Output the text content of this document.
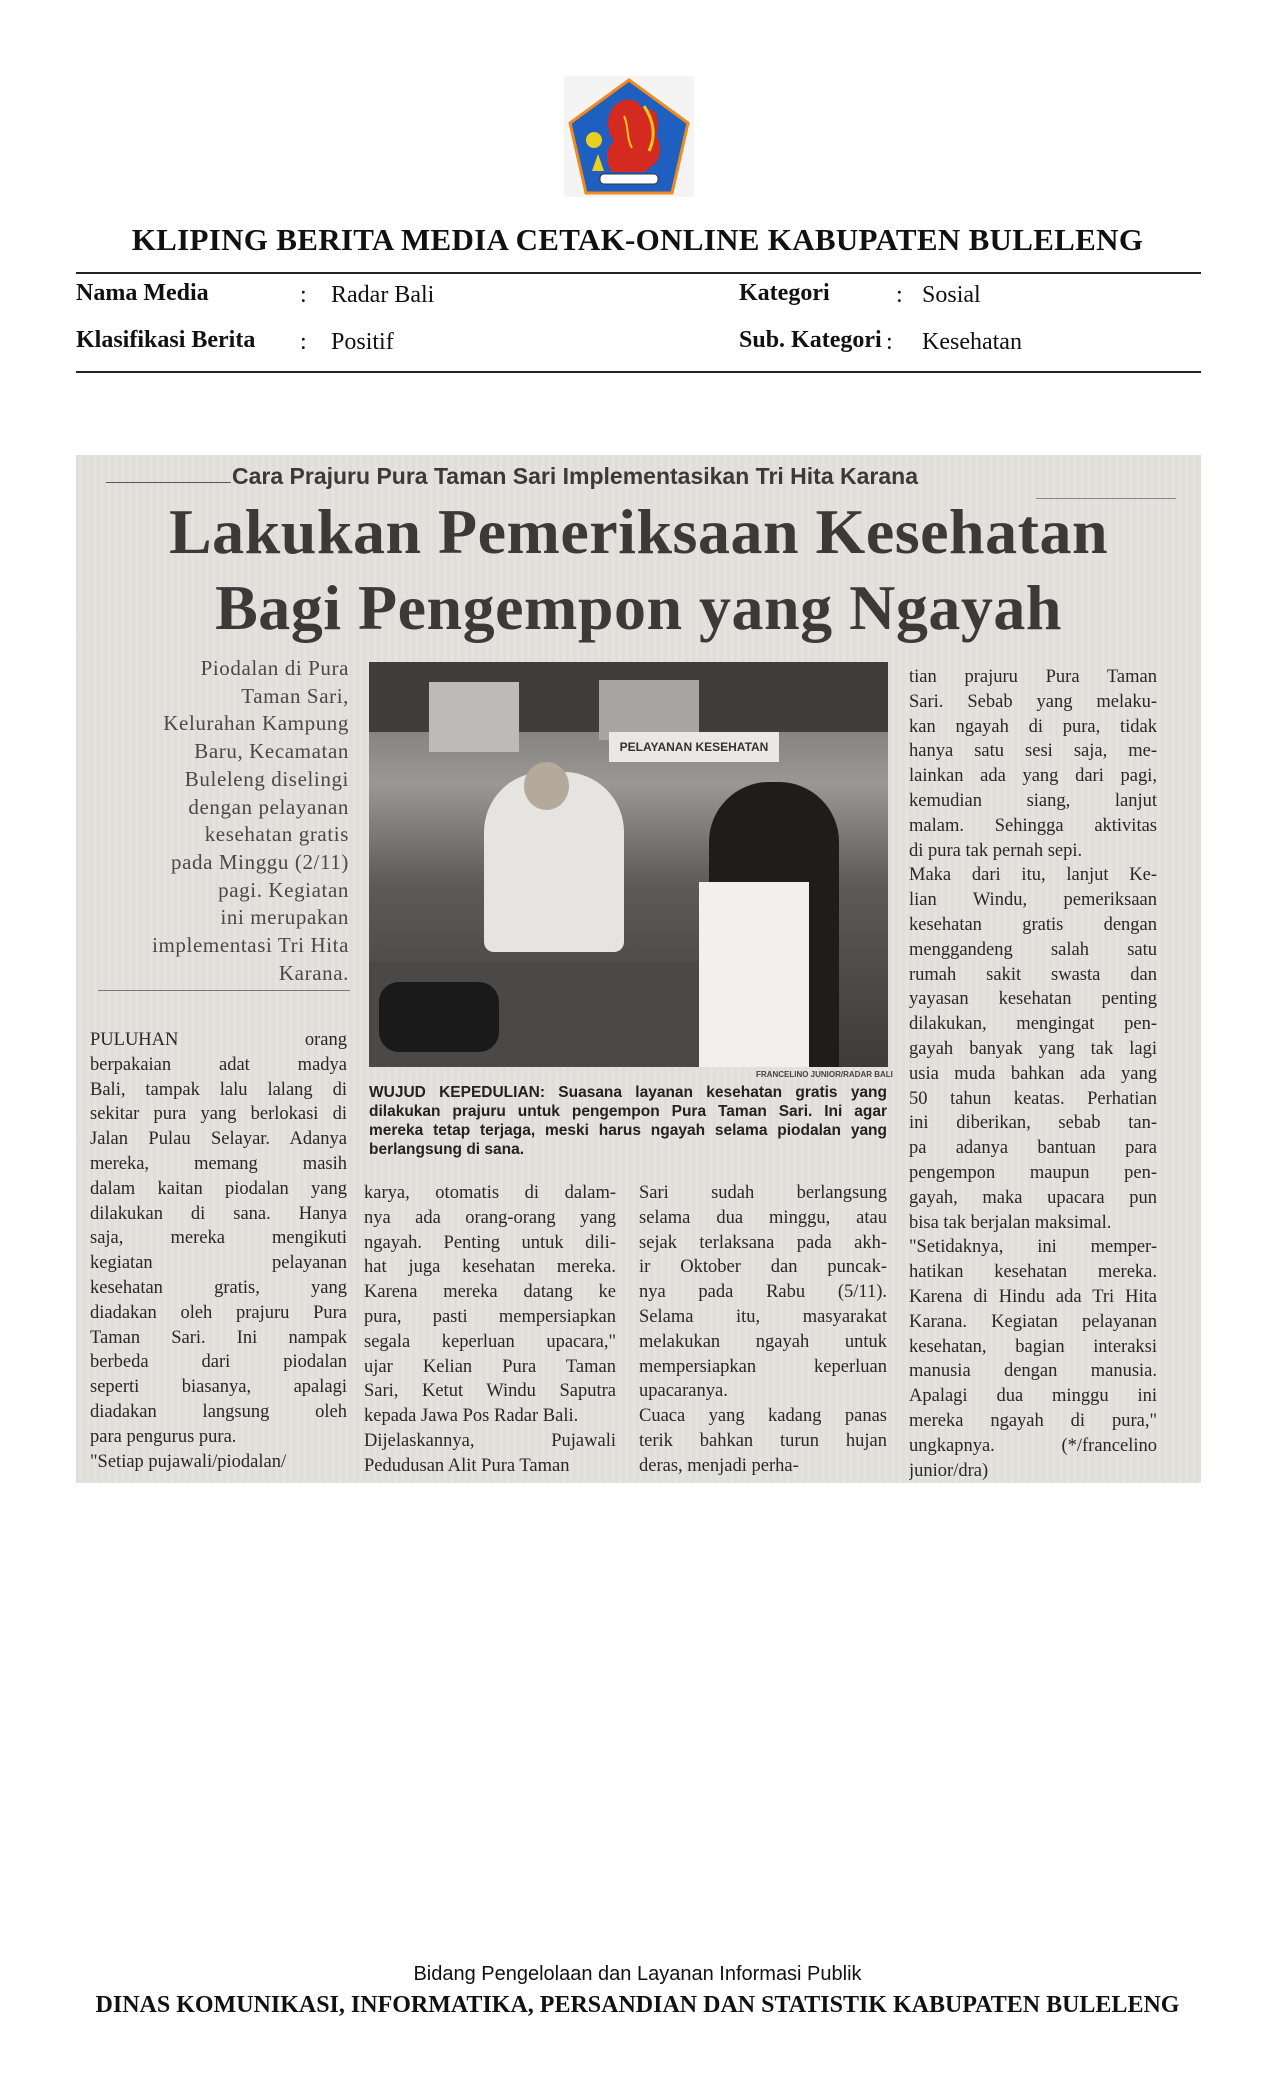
KLIPING BERITA MEDIA CETAK-ONLINE KABUPATEN BULELENG
Nama Media	: Radar Bali	Kategori	: Sosial
Klasifikasi Berita : Positif	Sub. Kategori : Kesehatan
Cara Prajuru Pura Taman Sari Implementasikan Tri Hita Karana
Lakukan Pemeriksaan Kesehatan
Bagi Pengempon yang Ngayah
Piodalan di Pura
Taman Sari,
Kelurahan Kampung
Baru, Kecamatan
Buleleng diselingi
dengan pelayanan
kesehatan gratis
pada Minggu (2/11)
pagi. Kegiatan
ini merupakan
implementasi Tri Hita
Karana.
PELAYANAN KESEHATAN
FRANCELINO JUNIOR/RADAR BALI
WUJUD KEPEDULIAN: Suasana layanan kesehatan gratis yang
dilakukan prajuru untuk pengempon Pura Taman Sari. Ini agar
mereka tetap terjaga, meski harus ngayah selama piodalan yang
berlangsung di sana.
PULUHAN orang
berpakaian adat madya
Bali, tampak lalu lalang di
sekitar pura yang berlokasi di
Jalan Pulau Selayar. Adanya
mereka, memang masih
dalam kaitan piodalan yang
dilakukan di sana. Hanya
saja, mereka mengikuti
kegiatan pelayanan
kesehatan gratis, yang
diadakan oleh prajuru Pura
Taman Sari. Ini nampak
berbeda dari piodalan
seperti biasanya, apalagi
diadakan langsung oleh
para pengurus pura.
"Setiap pujawali/piodalan/
karya, otomatis di dalam-
nya ada orang-orang yang
ngayah. Penting untuk dili-
hat juga kesehatan mereka.
Karena mereka datang ke
pura, pasti mempersiapkan
segala keperluan upacara,"
ujar Kelian Pura Taman
Sari, Ketut Windu Saputra
kepada Jawa Pos Radar Bali.
Dijelaskannya, Pujawali
Pedudusan Alit Pura Taman
Sari sudah berlangsung
selama dua minggu, atau
sejak terlaksana pada akh-
ir Oktober dan puncak-
nya pada Rabu (5/11).
Selama itu, masyarakat
melakukan ngayah untuk
mempersiapkan keperluan
upacaranya.
Cuaca yang kadang panas
terik bahkan turun hujan
deras, menjadi perha-
tian prajuru Pura Taman
Sari. Sebab yang melaku-
kan ngayah di pura, tidak
hanya satu sesi saja, me-
lainkan ada yang dari pagi,
kemudian siang, lanjut
malam. Sehingga aktivitas
di pura tak pernah sepi.
Maka dari itu, lanjut Ke-
lian Windu, pemeriksaan
kesehatan gratis dengan
menggandeng salah satu
rumah sakit swasta dan
yayasan kesehatan penting
dilakukan, mengingat pen-
gayah banyak yang tak lagi
usia muda bahkan ada yang
50 tahun keatas. Perhatian
ini diberikan, sebab tan-
pa adanya bantuan para
pengempon maupun pen-
gayah, maka upacara pun
bisa tak berjalan maksimal.
"Setidaknya, ini memper-
hatikan kesehatan mereka.
Karena di Hindu ada Tri Hita
Karana. Kegiatan pelayanan
kesehatan, bagian interaksi
manusia dengan manusia.
Apalagi dua minggu ini
mereka ngayah di pura,"
ungkapnya. (*/francelino
junior/dra)
Bidang Pengelolaan dan Layanan Informasi Publik
DINAS KOMUNIKASI, INFORMATIKA, PERSANDIAN DAN STATISTIK KABUPATEN BULELENG
